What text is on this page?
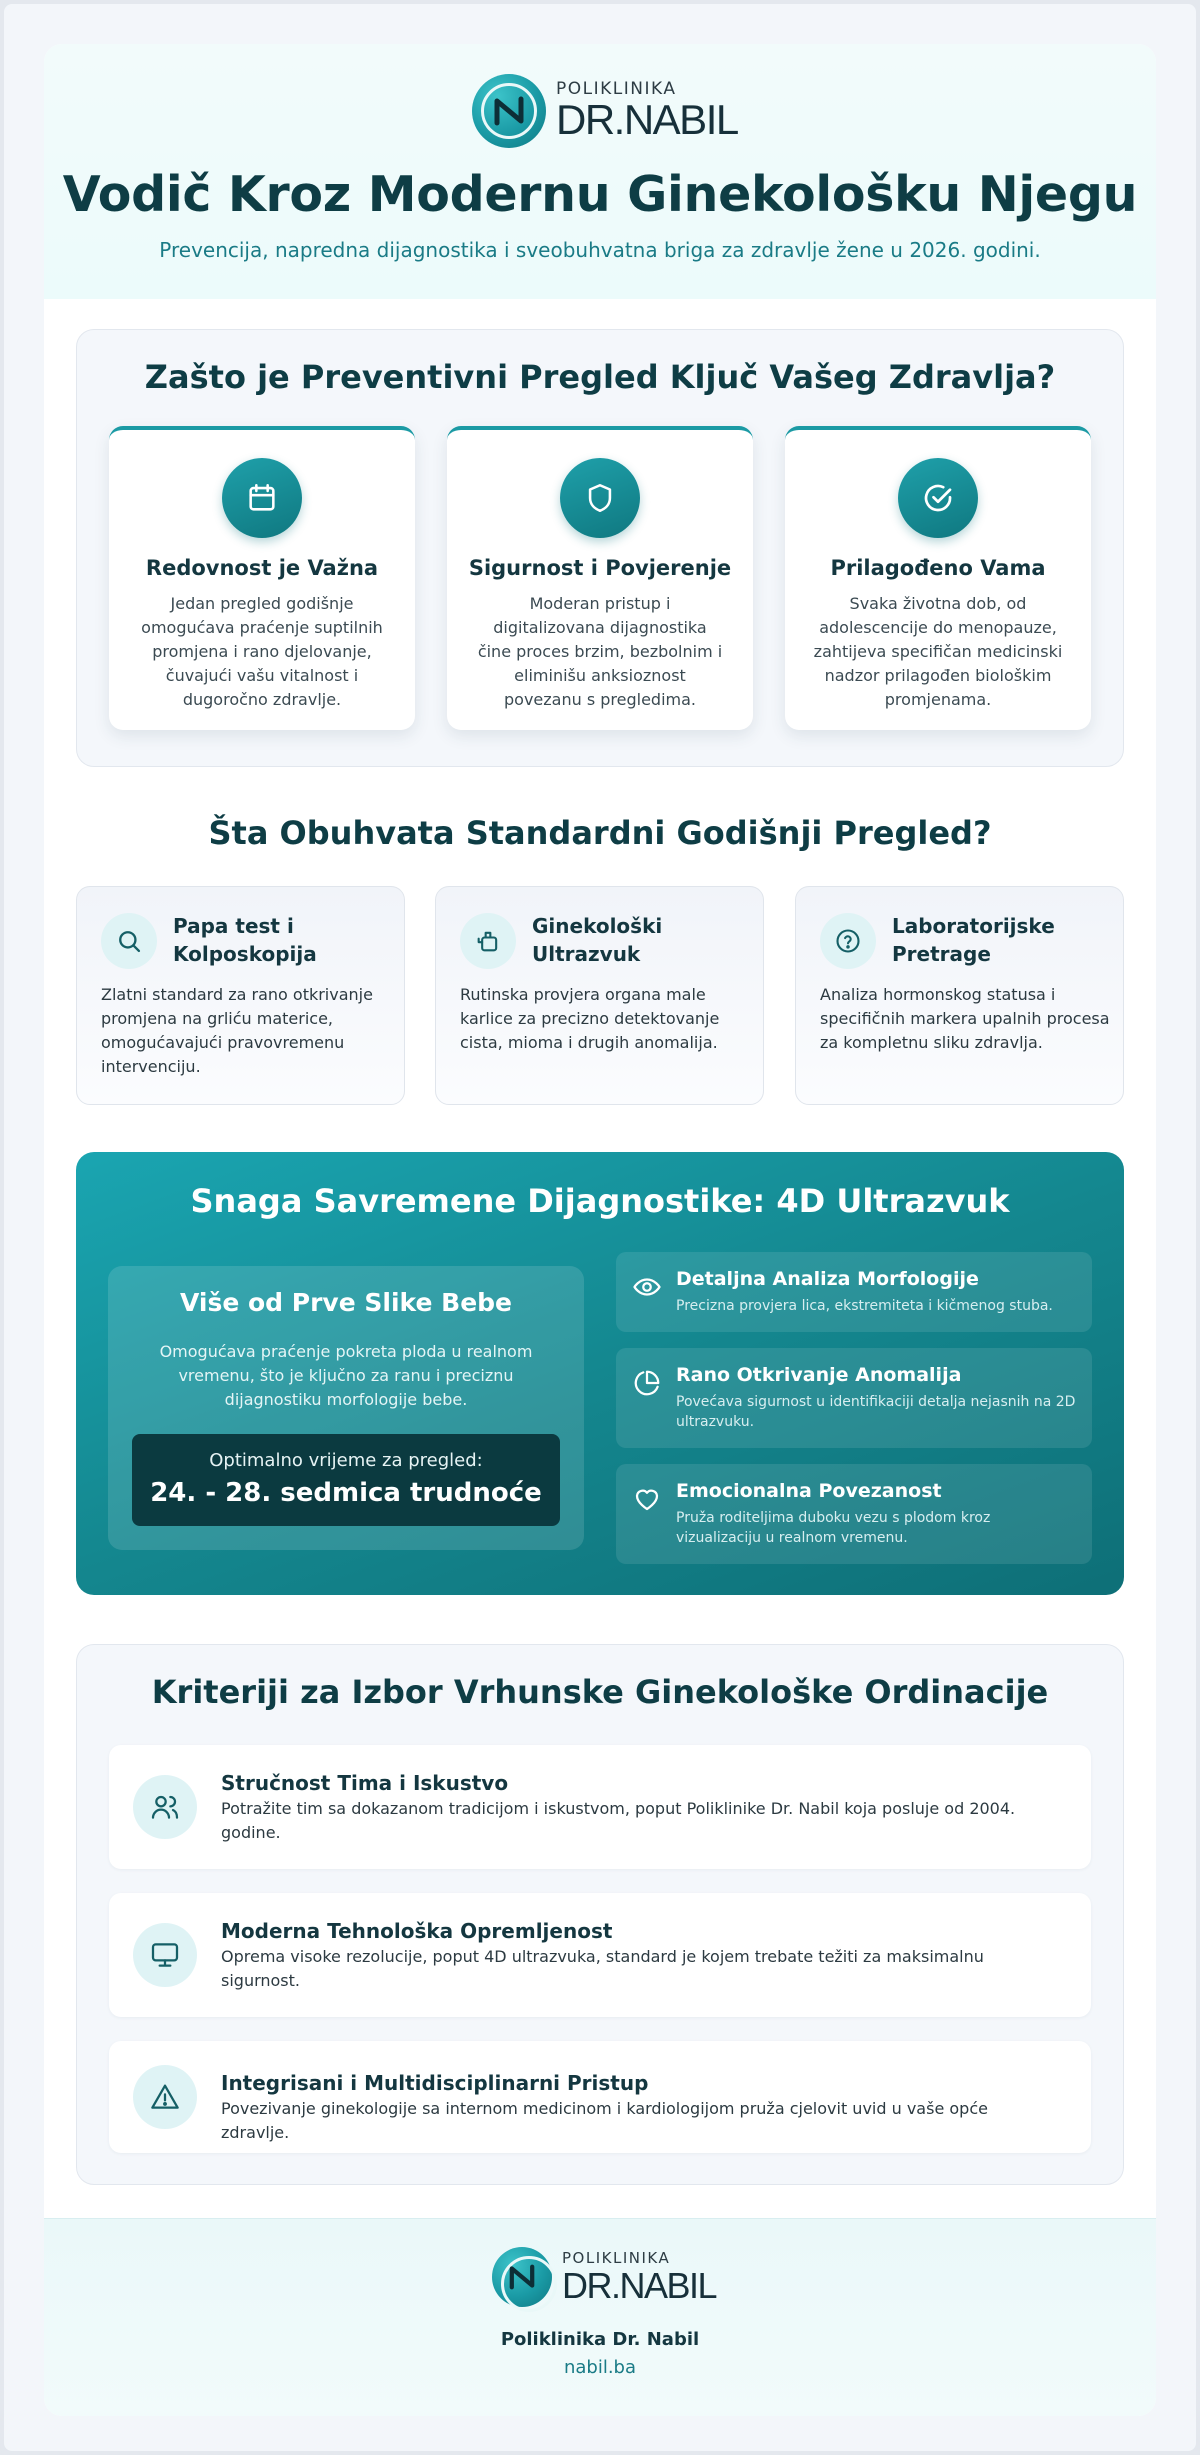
POLIKLINIKA
DR.NABIL
Vodič Kroz Modernu Ginekološku Njegu
Prevencija, napredna dijagnostika i sveobuhvatna briga za zdravlje žene u 2026. godini.
Zašto je Preventivni Pregled Ključ Vašeg Zdravlja?
Redovnost je Važna
Jedan pregled godišnje omogućava praćenje suptilnih promjena i rano djelovanje, čuvajući vašu vitalnost i dugoročno zdravlje.
Sigurnost i Povjerenje
Moderan pristup i digitalizovana dijagnostika čine proces brzim, bezbolnim i eliminišu anksioznost povezanu s pregledima.
Prilagođeno Vama
Svaka životna dob, od adolescencije do menopauze, zahtijeva specifičan medicinski nadzor prilagođen biološkim promjenama.
Šta Obuhvata Standardni Godišnji Pregled?
Papa test i Kolposkopija
Zlatni standard za rano otkrivanje promjena na grliću materice, omogućavajući pravovremenu intervenciju.
Ginekološki Ultrazvuk
Rutinska provjera organa male karlice za precizno detektovanje cista, mioma i drugih anomalija.
Laboratorijske Pretrage
Analiza hormonskog statusa i specifičnih markera upalnih procesa za kompletnu sliku zdravlja.
Snaga Savremene Dijagnostike: 4D Ultrazvuk
Više od Prve Slike Bebe
Omogućava praćenje pokreta ploda u realnom vremenu, što je ključno za ranu i preciznu dijagnostiku morfologije bebe.
Optimalno vrijeme za pregled:
24. - 28. sedmica trudnoće
Detaljna Analiza Morfologije
Precizna provjera lica, ekstremiteta i kičmenog stuba.
Rano Otkrivanje Anomalija
Povećava sigurnost u identifikaciji detalja nejasnih na 2D ultrazvuku.
Emocionalna Povezanost
Pruža roditeljima duboku vezu s plodom kroz vizualizaciju u realnom vremenu.
Kriteriji za Izbor Vrhunske Ginekološke Ordinacije
Stručnost Tima i Iskustvo
Potražite tim sa dokazanom tradicijom i iskustvom, poput Poliklinike Dr. Nabil koja posluje od 2004. godine.
Moderna Tehnološka Opremljenost
Oprema visoke rezolucije, poput 4D ultrazvuka, standard je kojem trebate težiti za maksimalnu sigurnost.
Integrisani i Multidisciplinarni Pristup
Povezivanje ginekologije sa internom medicinom i kardiologijom pruža cjelovit uvid u vaše opće zdravlje.
POLIKLINIKA
DR.NABIL
Poliklinika Dr. Nabil
nabil.ba
